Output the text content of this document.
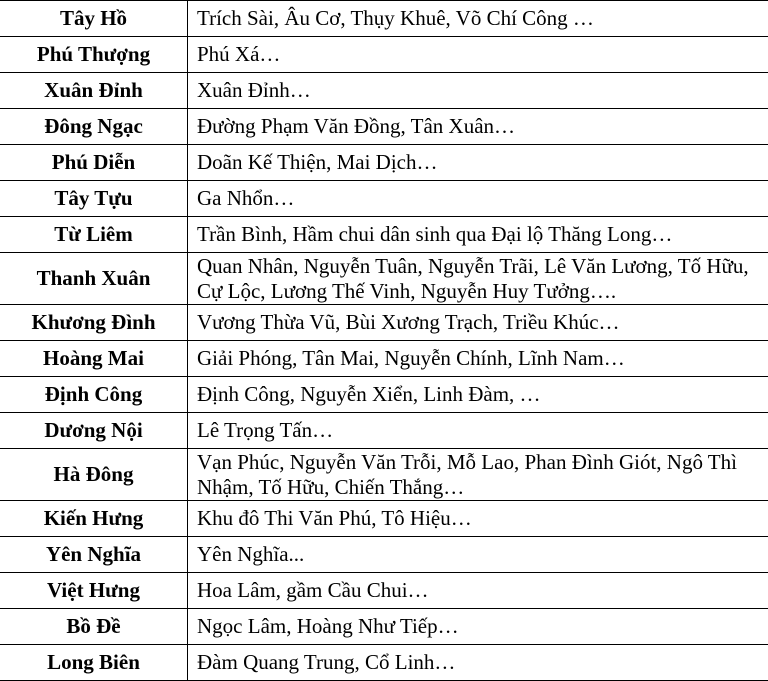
Tây Hồ	Trích Sài, Âu Cơ, Thụy Khuê, Võ Chí Công …
Phú Thượng	Phú Xá…
Xuân Đỉnh	Xuân Đỉnh…
Đông Ngạc	Đường Phạm Văn Đồng, Tân Xuân…
Phú Diễn	Doãn Kế Thiện, Mai Dịch…
Tây Tựu	Ga Nhổn…
Từ Liêm	Trần Bình, Hầm chui dân sinh qua Đại lộ Thăng Long…
Thanh Xuân	Quan Nhân, Nguyễn Tuân, Nguyễn Trãi, Lê Văn Lương, Tố Hữu, Cự Lộc, Lương Thế Vinh, Nguyễn Huy Tưởng….
Khương Đình	Vương Thừa Vũ, Bùi Xương Trạch, Triều Khúc…
Hoàng Mai	Giải Phóng, Tân Mai, Nguyễn Chính, Lĩnh Nam…
Định Công	Định Công, Nguyễn Xiển, Linh Đàm, …
Dương Nội	Lê Trọng Tấn…
Hà Đông	Vạn Phúc, Nguyễn Văn Trỗi, Mỗ Lao, Phan Đình Giót, Ngô Thì Nhậm, Tố Hữu, Chiến Thắng…
Kiến Hưng	Khu đô Thi Văn Phú, Tô Hiệu…
Yên Nghĩa	Yên Nghĩa...
Việt Hưng	Hoa Lâm, gầm Cầu Chui…
Bồ Đề	Ngọc Lâm, Hoàng Như Tiếp…
Long Biên	Đàm Quang Trung, Cổ Linh…
